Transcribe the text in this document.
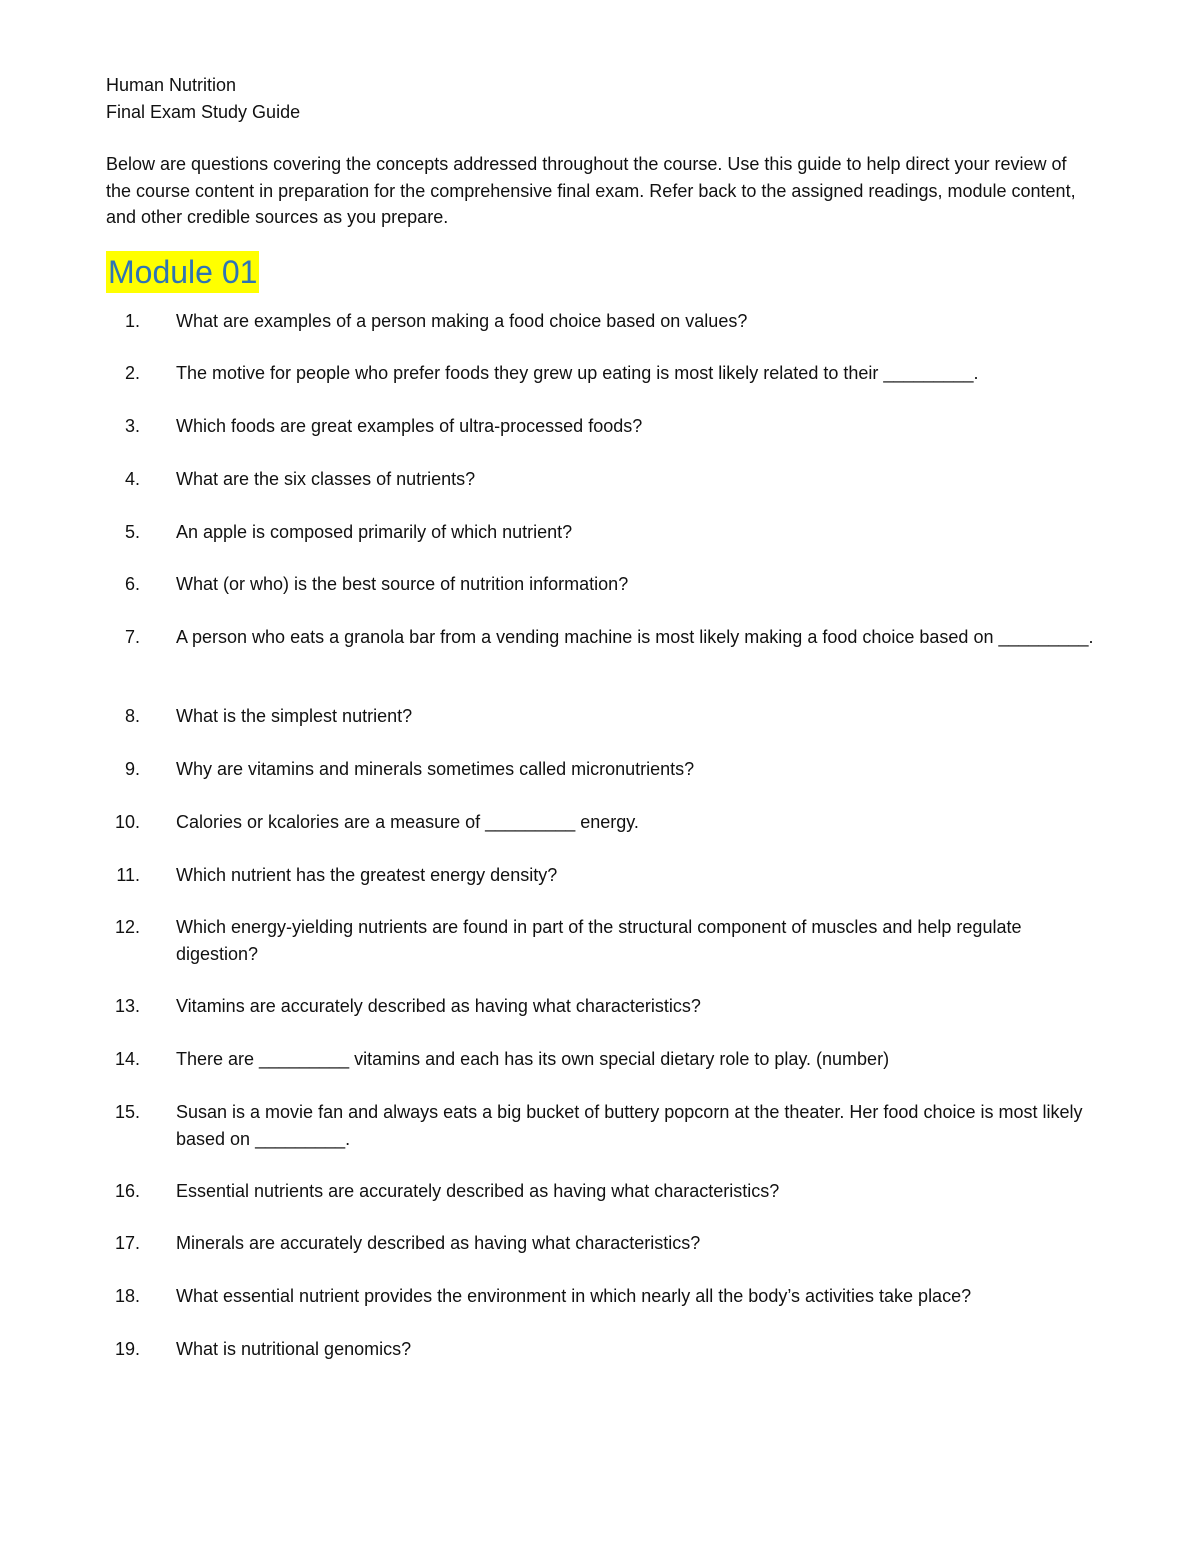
Human Nutrition

Final Exam Study Guide

Below are questions covering the concepts addressed throughout the course. Use this guide to help direct your review of the course content in preparation for the comprehensive final exam. Refer back to the assigned readings, module content, and other credible sources as you prepare.

Module 01
1. What are examples of a person making a food choice based on values?
2. The motive for people who prefer foods they grew up eating is most likely related to their _________.
3. Which foods are great examples of ultra-processed foods?
4. What are the six classes of nutrients?
5. An apple is composed primarily of which nutrient?
6. What (or who) is the best source of nutrition information?
7. A person who eats a granola bar from a vending machine is most likely making a food choice based on _________.
8. What is the simplest nutrient?
9. Why are vitamins and minerals sometimes called micronutrients?
10. Calories or kcalories are a measure of _________ energy.
11. Which nutrient has the greatest energy density?
12. Which energy-yielding nutrients are found in part of the structural component of muscles and help regulate digestion?
13. Vitamins are accurately described as having what characteristics?
14. There are _________ vitamins and each has its own special dietary role to play. (number)
15. Susan is a movie fan and always eats a big bucket of buttery popcorn at the theater. Her food choice is most likely based on _________.
16. Essential nutrients are accurately described as having what characteristics?
17. Minerals are accurately described as having what characteristics?
18. What essential nutrient provides the environment in which nearly all the body’s activities take place?
19. What is nutritional genomics?
